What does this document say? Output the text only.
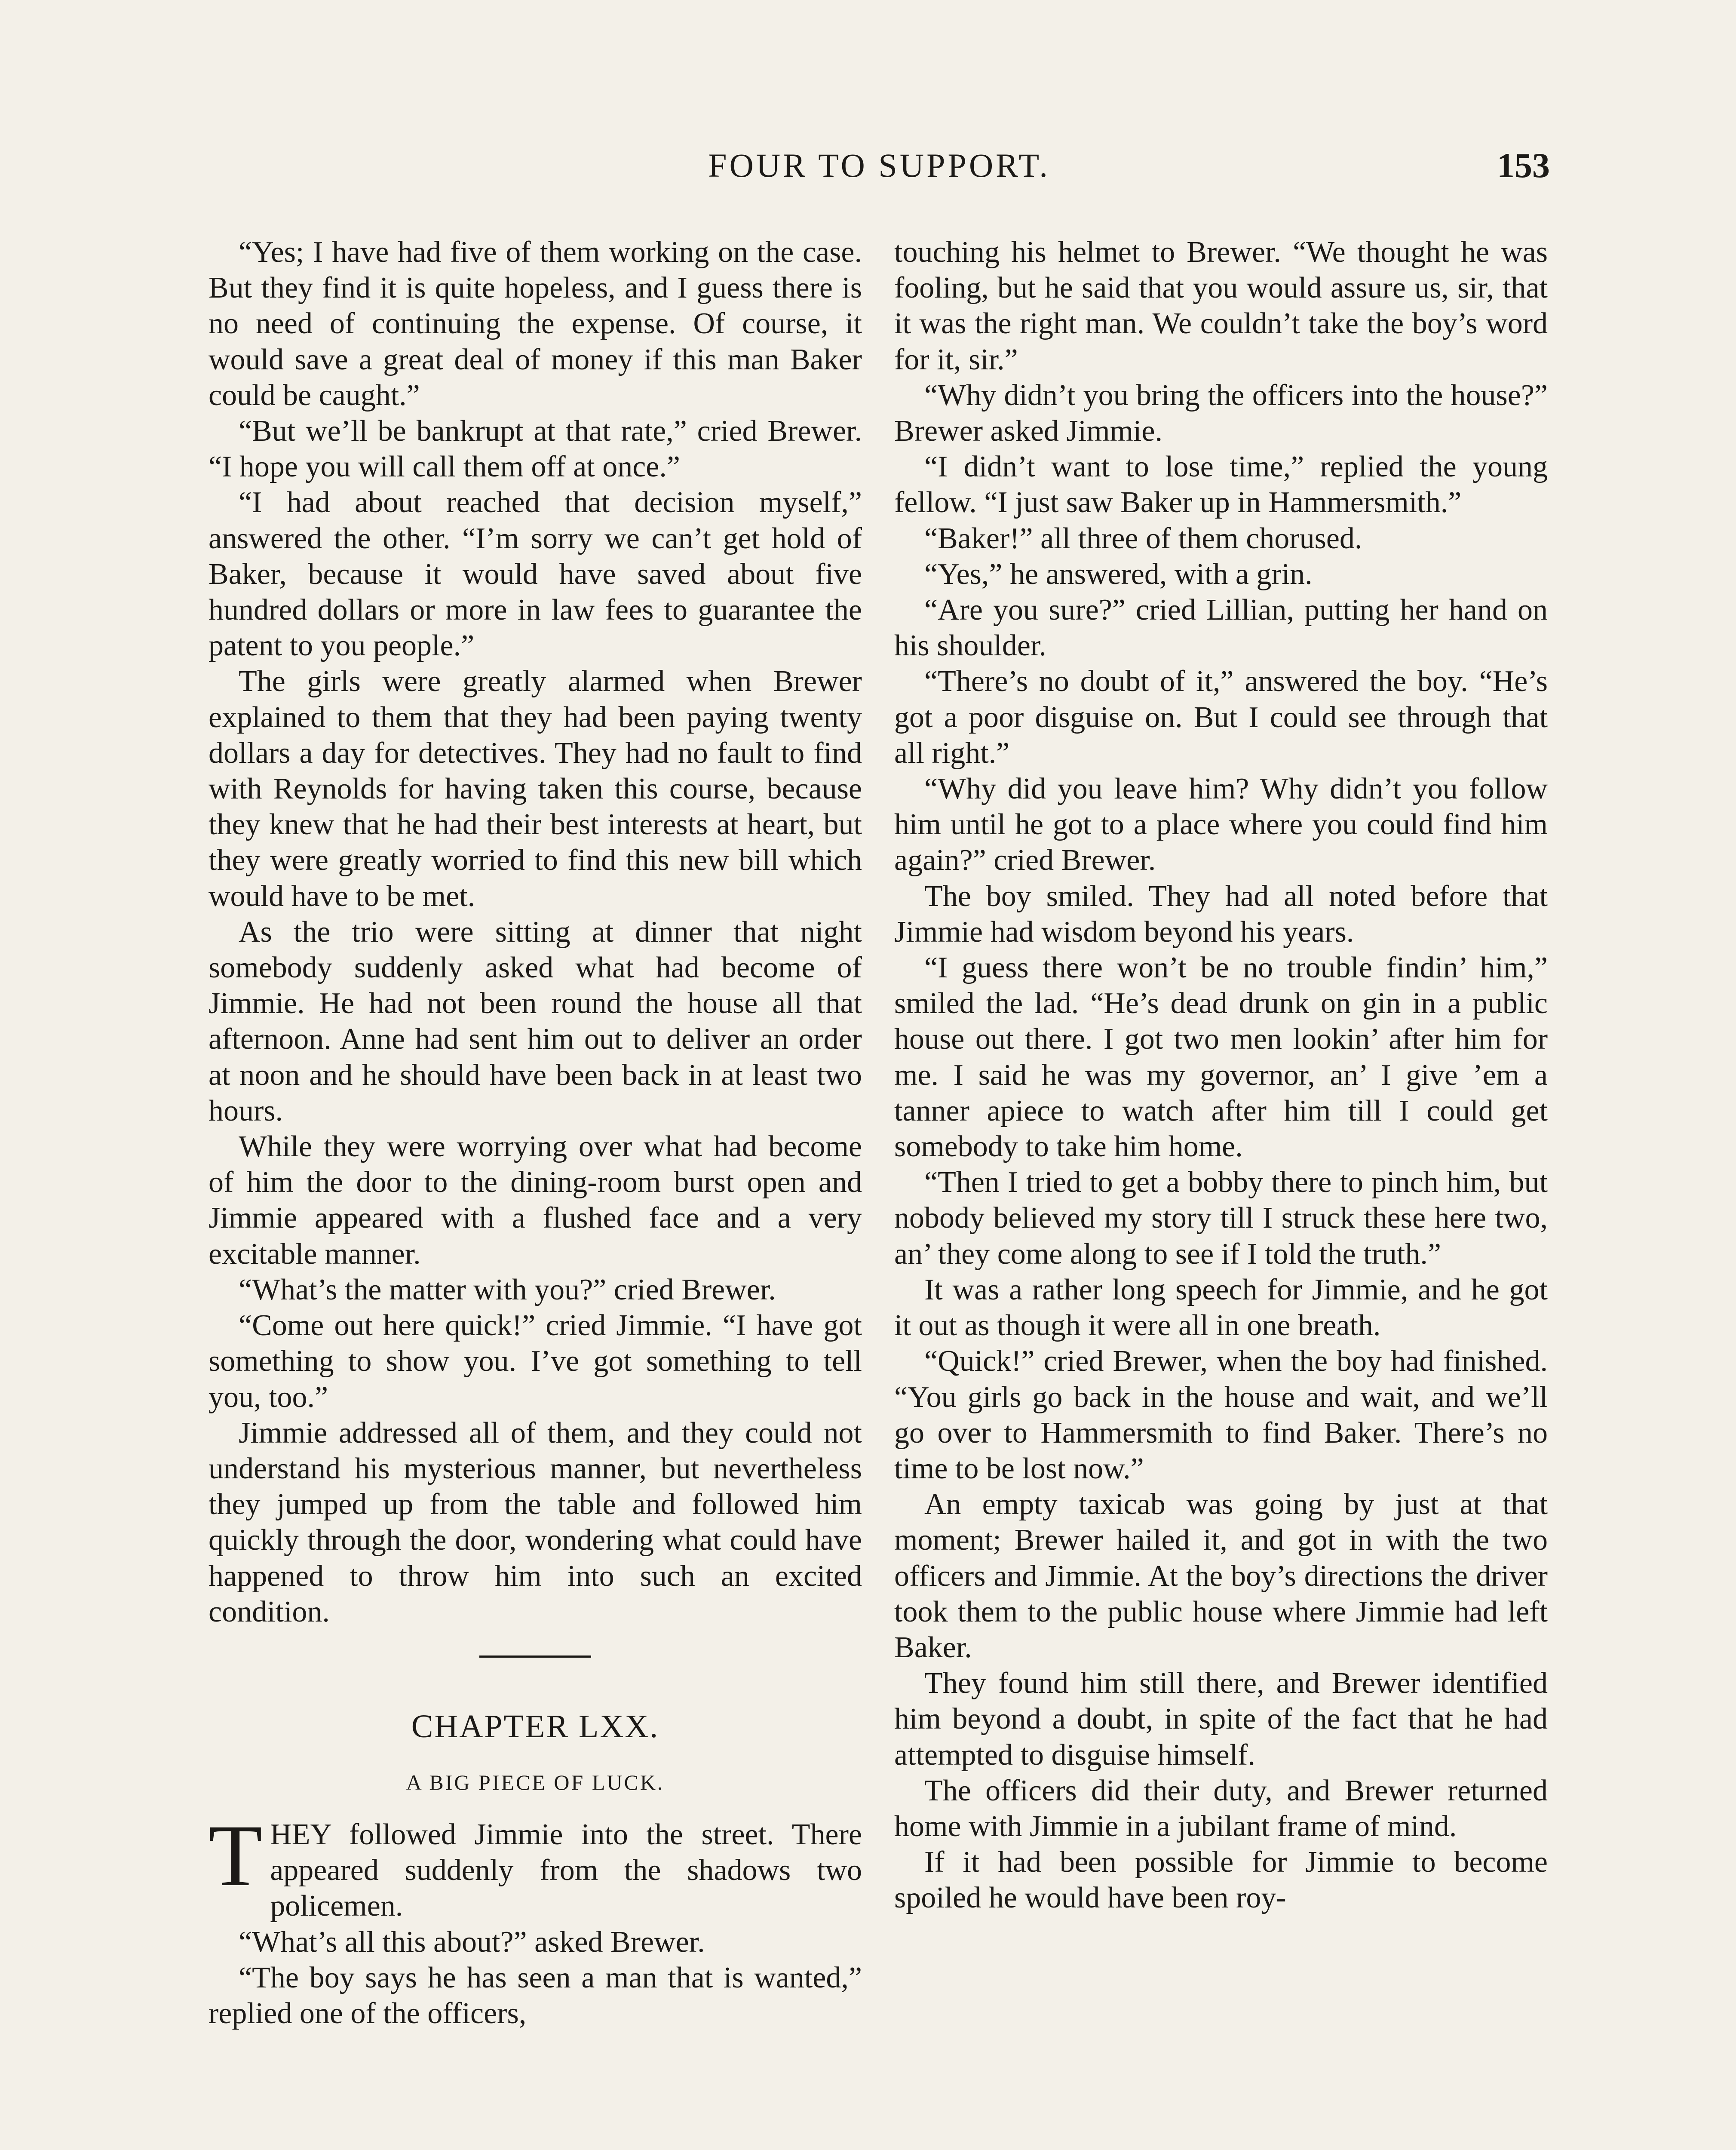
FOUR TO SUPPORT.	153

“Yes; I have had five of them working on the case. But they find it is quite hopeless, and I guess there is no need of continuing the expense. Of course, it would save a great deal of money if this man Baker could be caught.”

“But we’ll be bankrupt at that rate,” cried Brewer. “I hope you will call them off at once.”

“I had about reached that decision myself,” answered the other. “I’m sorry we can’t get hold of Baker, because it would have saved about five hundred dollars or more in law fees to guarantee the patent to you people.”

The girls were greatly alarmed when Brewer explained to them that they had been paying twenty dollars a day for detectives. They had no fault to find with Reynolds for having taken this course, because they knew that he had their best interests at heart, but they were greatly worried to find this new bill which would have to be met.

As the trio were sitting at dinner that night somebody suddenly asked what had become of Jimmie. He had not been round the house all that afternoon. Anne had sent him out to deliver an order at noon and he should have been back in at least two hours.

While they were worrying over what had become of him the door to the dining-room burst open and Jimmie appeared with a flushed face and a very excitable manner.

“What’s the matter with you?” cried Brewer.

“Come out here quick!” cried Jimmie. “I have got something to show you. I’ve got something to tell you, too.”

Jimmie addressed all of them, and they could not understand his mysterious manner, but nevertheless they jumped up from the table and followed him quickly through the door, wondering what could have happened to throw him into such an excited condition.

CHAPTER LXX.
A BIG PIECE OF LUCK.

THEY followed Jimmie into the street. There appeared suddenly from the shadows two policemen.

“What’s all this about?” asked Brewer.

“The boy says he has seen a man that is wanted,” replied one of the officers,

touching his helmet to Brewer. “We thought he was fooling, but he said that you would assure us, sir, that it was the right man. We couldn’t take the boy’s word for it, sir.”

“Why didn’t you bring the officers into the house?” Brewer asked Jimmie.

“I didn’t want to lose time,” replied the young fellow. “I just saw Baker up in Hammersmith.”

“Baker!” all three of them chorused.

“Yes,” he answered, with a grin.

“Are you sure?” cried Lillian, putting her hand on his shoulder.

“There’s no doubt of it,” answered the boy. “He’s got a poor disguise on. But I could see through that all right.”

“Why did you leave him? Why didn’t you follow him until he got to a place where you could find him again?” cried Brewer.

The boy smiled. They had all noted before that Jimmie had wisdom beyond his years.

“I guess there won’t be no trouble findin’ him,” smiled the lad. “He’s dead drunk on gin in a public house out there. I got two men lookin’ after him for me. I said he was my governor, an’ I give ’em a tanner apiece to watch after him till I could get somebody to take him home.

“Then I tried to get a bobby there to pinch him, but nobody believed my story till I struck these here two, an’ they come along to see if I told the truth.”

It was a rather long speech for Jimmie, and he got it out as though it were all in one breath.

“Quick!” cried Brewer, when the boy had finished. “You girls go back in the house and wait, and we’ll go over to Hammersmith to find Baker. There’s no time to be lost now.”

An empty taxicab was going by just at that moment; Brewer hailed it, and got in with the two officers and Jimmie. At the boy’s directions the driver took them to the public house where Jimmie had left Baker.

They found him still there, and Brewer identified him beyond a doubt, in spite of the fact that he had attempted to disguise himself.

The officers did their duty, and Brewer returned home with Jimmie in a jubilant frame of mind.

If it had been possible for Jimmie to become spoiled he would have been roy-
